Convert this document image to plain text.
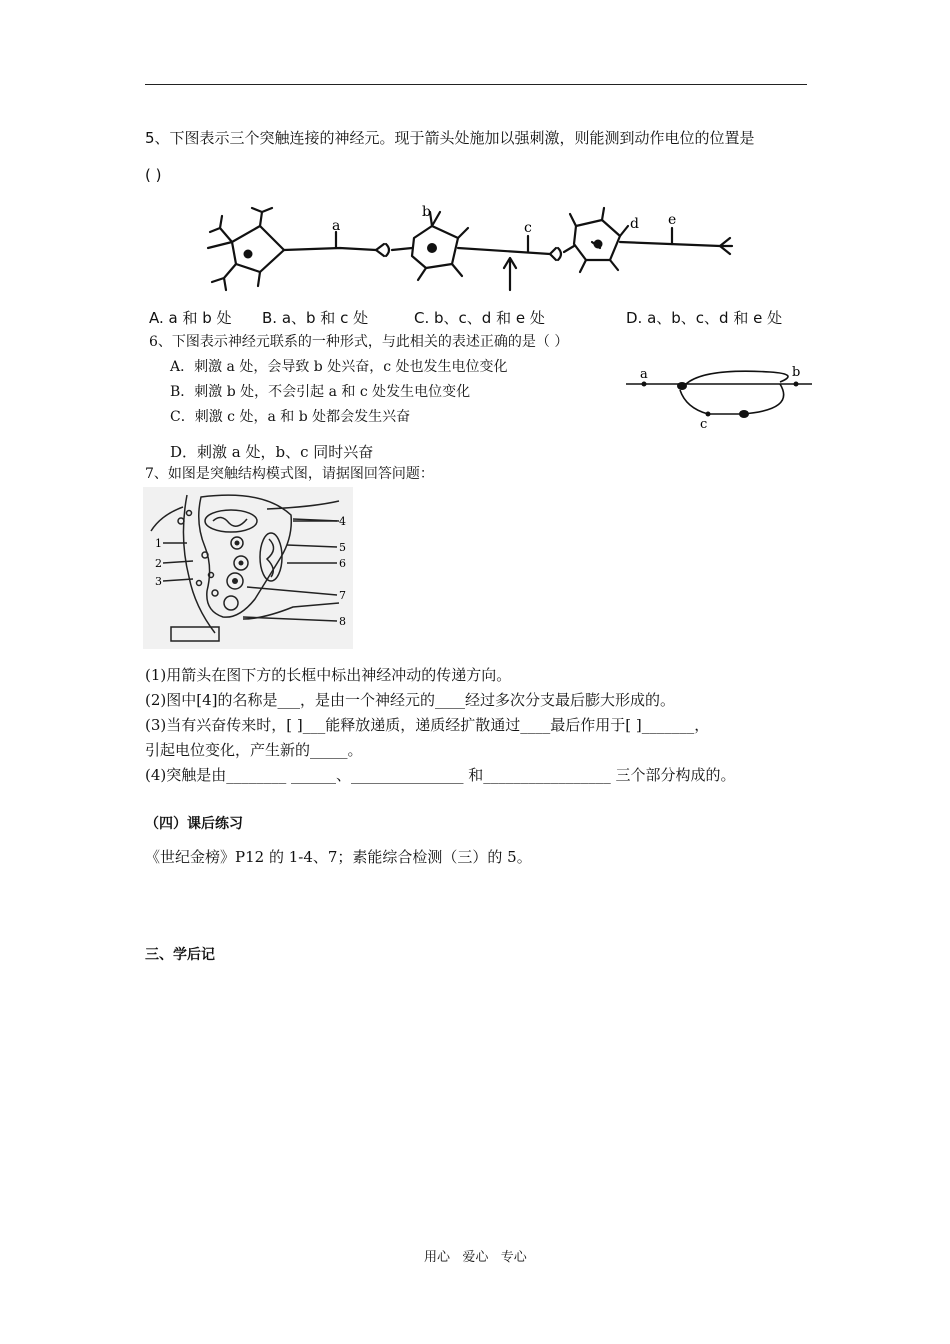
5、下图表示三个突触连接的神经元。现于箭头处施加以强刺激，则能测到动作电位的位置是
( )
a
b
c	d e
A. a 和 b 处 B. a、b 和 c 处	C. b、c、d 和 e 处	D. a、b、c、d 和 e 处
6、下图表示神经元联系的一种形式，与此相关的表述正确的是（ ）
A．刺激 a 处，会导致 b 处兴奋，c 处也发生电位变化
B．刺激 b 处，不会引起 a 和 c 处发生电位变化
C．刺激 c 处，a 和 b 处都会发生兴奋
D．刺激 a 处，b、c 同时兴奋
a	b
c
7、如图是突触结构模式图，请据图回答问题：
1
2
3
4
5
6
7
8
(1)用箭头在图下方的长框中标出神经冲动的传递方向。
(2)图中[4]的名称是___，是由一个神经元的____经过多次分支最后膨大形成的。
(3)当有兴奋传来时，[ ]___能释放递质，递质经扩散通过____最后作用于[ ]_______，
引起电位变化，产生新的_____。
(4)突触是由________ ______、_______________ 和_________________ 三个部分构成的。
（四）课后练习
《世纪金榜》P12 的 1-4、7；素能综合检测（三）的 5。
三、学后记
用心   爱心   专心
